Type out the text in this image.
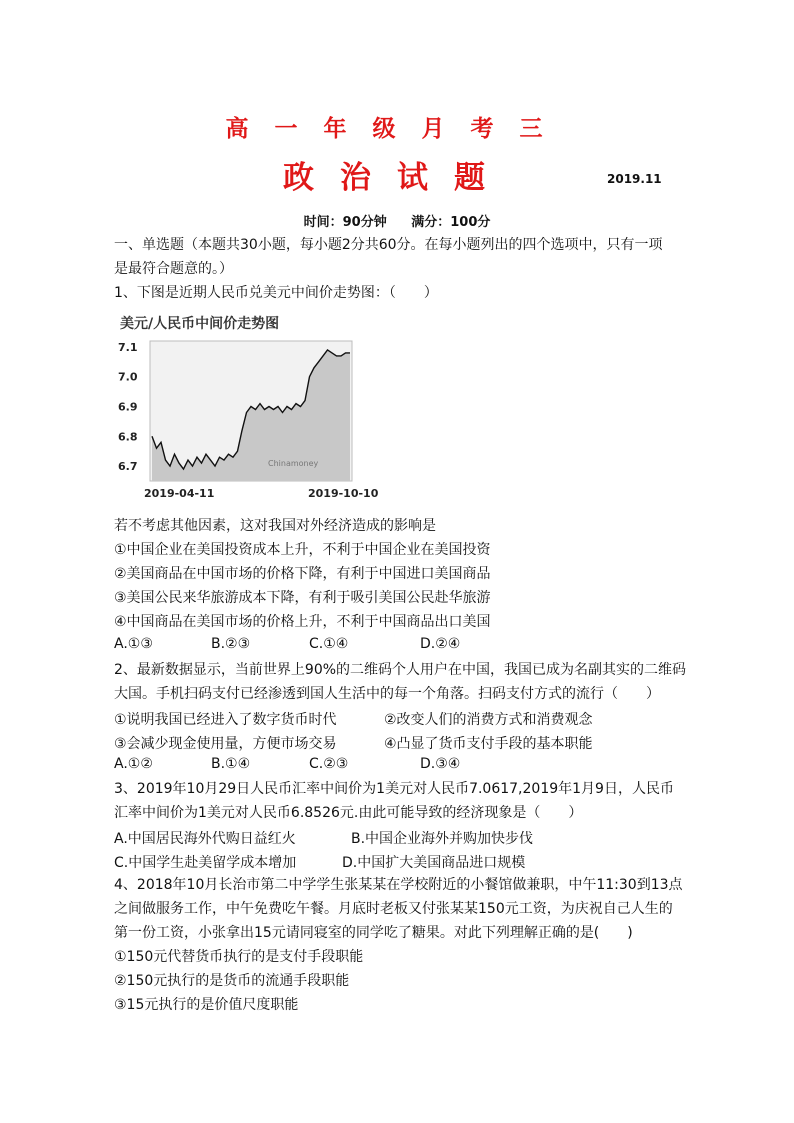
高一年级月考三
政治试题	2019.11
时间：90分钟 满分：100分
一、单选题（本题共30小题，每小题2分共60分。在每小题列出的四个选项中，只有一项
是最符合题意的。）
1、下图是近期人民币兑美元中间价走势图：（　　）
美元/人民币中间价走势图
7.1
7.0
6.9
6.8
6.7	Chinamoney
2019-04-11	2019-10-10
若不考虑其他因素，这对我国对外经济造成的影响是
①中国企业在美国投资成本上升，不利于中国企业在美国投资
②美国商品在中国市场的价格下降，有利于中国进口美国商品
③美国公民来华旅游成本下降，有利于吸引美国公民赴华旅游
④中国商品在美国市场的价格上升，不利于中国商品出口美国
A.①③	B.②③	C.①④	D.②④
2、最新数据显示，当前世界上90%的二维码个人用户在中国，我国已成为名副其实的二维码
大国。手机扫码支付已经渗透到国人生活中的每一个角落。扫码支付方式的流行（　　）
①说明我国已经进入了数字货币时代	②改变人们的消费方式和消费观念
③会减少现金使用量，方便市场交易	④凸显了货币支付手段的基本职能
A.①②	B.①④	C.②③	D.③④
3、2019年10月29日人民币汇率中间价为1美元对人民币7.0617,2019年1月9日，人民币
汇率中间价为1美元对人民币6.8526元.由此可能导致的经济现象是（　　）
A.中国居民海外代购日益红火	B.中国企业海外并购加快步伐
C.中国学生赴美留学成本增加	D.中国扩大美国商品进口规模
4、2018年10月长治市第二中学学生张某某在学校附近的小餐馆做兼职，中午11:30到13点
之间做服务工作，中午免费吃午餐。月底时老板又付张某某150元工资，为庆祝自己人生的
第一份工资，小张拿出15元请同寝室的同学吃了糖果。对此下列理解正确的是(　　)
①150元代替货币执行的是支付手段职能
②150元执行的是货币的流通手段职能
③15元执行的是价值尺度职能
